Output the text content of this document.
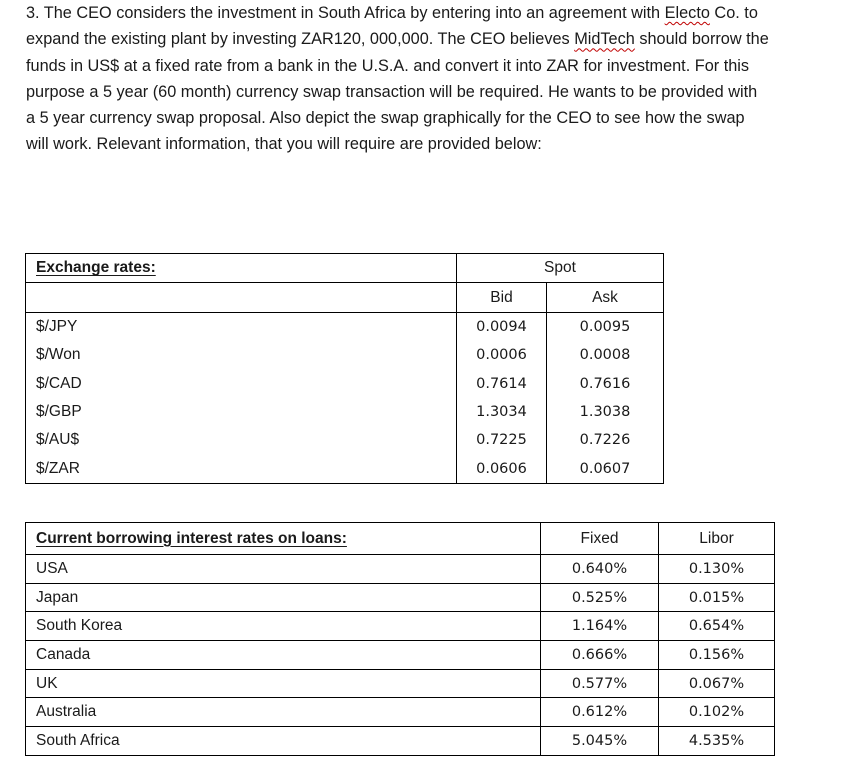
3. The CEO considers the investment in South Africa by entering into an agreement with Electo Co. to
expand the existing plant by investing ZAR120, 000,000. The CEO believes MidTech should borrow the
funds in US$ at a fixed rate from a bank in the U.S.A. and convert it into ZAR for investment. For this
purpose a 5 year (60 month) currency swap transaction will be required. He wants to be provided with
a 5 year currency swap proposal. Also depict the swap graphically for the CEO to see how the swap
will work. Relevant information, that you will require are provided below:
Exchange rates:	Spot	
	Bid	Ask
$/JPY	0.0094	0.0095
$/Won	0.0006	0.0008
$/CAD	0.7614	0.7616
$/GBP	1.3034	1.3038
$/AU$	0.7225	0.7226
$/ZAR	0.0606	0.0607
Current borrowing interest rates on loans:	Fixed	Libor
USA	0.640%	0.130%
Japan	0.525%	0.015%
South Korea	1.164%	0.654%
Canada	0.666%	0.156%
UK	0.577%	0.067%
Australia	0.612%	0.102%
South Africa	5.045%	4.535%
